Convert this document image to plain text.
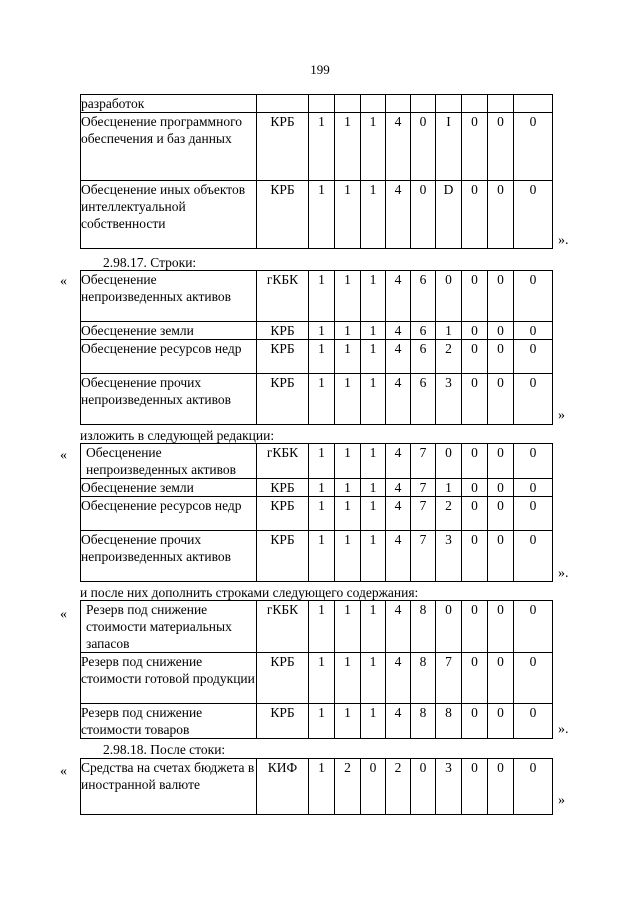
199
разработок										
Обесценение программного обеспечения и баз данных	КРБ	1	1	1	4	0	I	0	0	0
Обесценение иных объектов интеллектуальной собственности	КРБ	1	1	1	4	0	D	0	0	0
».
2.98.17. Строки:
« Обесценение непроизведенных активов	гКБК	1	1	1	4	6	0	0	0	0
Обесценение земли	КРБ	1	1	1	4	6	1	0	0	0
Обесценение ресурсов недр	КРБ	1	1	1	4	6	2	0	0	0
Обесценение прочих непроизведенных активов	КРБ	1	1	1	4	6	3	0	0	0
»
изложить в следующей редакции:
« Обесценение непроизведенных активов	гКБК	1	1	1	4	7	0	0	0	0
Обесценение земли	КРБ	1	1	1	4	7	1	0	0	0
Обесценение ресурсов недр	КРБ	1	1	1	4	7	2	0	0	0
Обесценение прочих непроизведенных активов	КРБ	1	1	1	4	7	3	0	0	0
».
и после них дополнить строками следующего содержания:
« Резерв под снижение стоимости материальных запасов	гКБК	1	1	1	4	8	0	0	0	0
Резерв под снижение стоимости готовой продукции	КРБ	1	1	1	4	8	7	0	0	0
Резерв под снижение стоимости товаров	КРБ	1	1	1	4	8	8	0	0	0
».
2.98.18. После стоки:
« Средства на счетах бюджета в иностранной валюте	КИФ	1	2	0	2	0	3	0	0	0
»
